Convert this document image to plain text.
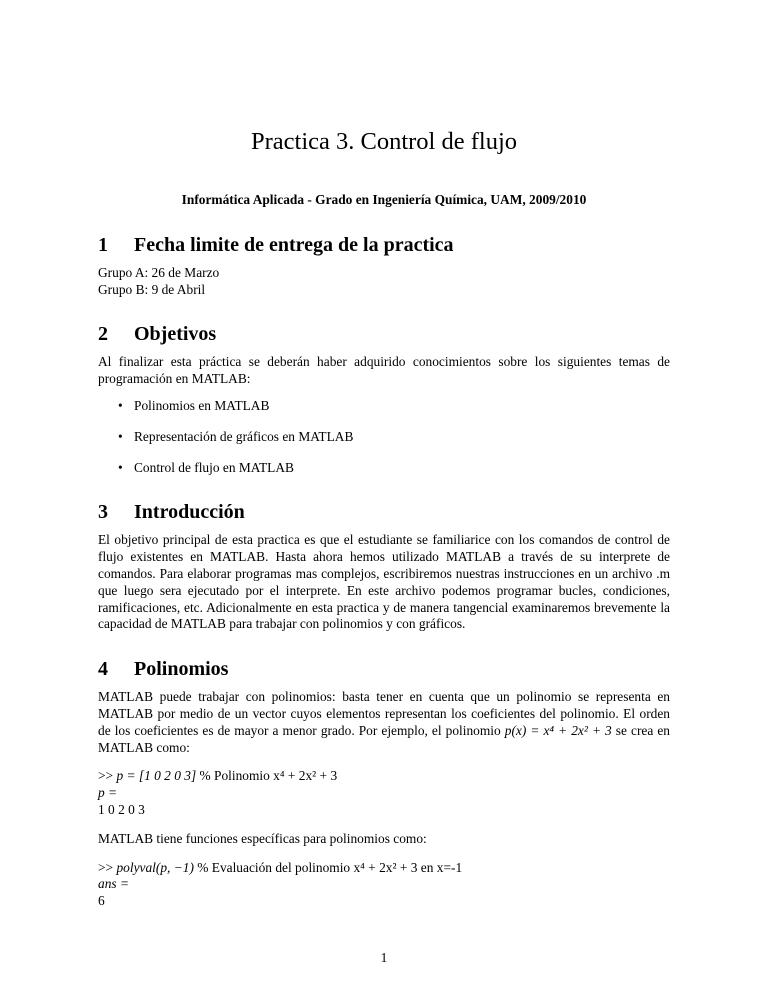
Practica 3. Control de flujo
Informática Aplicada - Grado en Ingeniería Química, UAM, 2009/2010
1 Fecha limite de entrega de la practica
Grupo A: 26 de Marzo
Grupo B: 9 de Abril
2 Objetivos
Al finalizar esta práctica se deberán haber adquirido conocimientos sobre los siguientes temas de programación en MATLAB:
• Polinomios en MATLAB
• Representación de gráficos en MATLAB
• Control de flujo en MATLAB
3 Introducción
El objetivo principal de esta practica es que el estudiante se familiarice con los comandos de control de flujo existentes en MATLAB. Hasta ahora hemos utilizado MATLAB a través de su interprete de comandos. Para elaborar programas mas complejos, escribiremos nuestras instrucciones en un archivo .m que luego sera ejecutado por el interprete. En este archivo podemos programar bucles, condiciones, ramificaciones, etc. Adicionalmente en esta practica y de manera tangencial examinaremos brevemente la capacidad de MATLAB para trabajar con polinomios y con gráficos.
4 Polinomios
MATLAB puede trabajar con polinomios: basta tener en cuenta que un polinomio se representa en MATLAB por medio de un vector cuyos elementos representan los coeficientes del polinomio. El orden de los coeficientes es de mayor a menor grado. Por ejemplo, el polinomio p(x) = x⁴ + 2x² + 3 se crea en MATLAB como:
>> p = [1 0 2 0 3] % Polinomio x⁴ + 2x² + 3
p =
1 0 2 0 3
MATLAB tiene funciones específicas para polinomios como:
>> polyval(p, −1) % Evaluación del polinomio x⁴ + 2x² + 3 en x=-1
ans =
6
1
